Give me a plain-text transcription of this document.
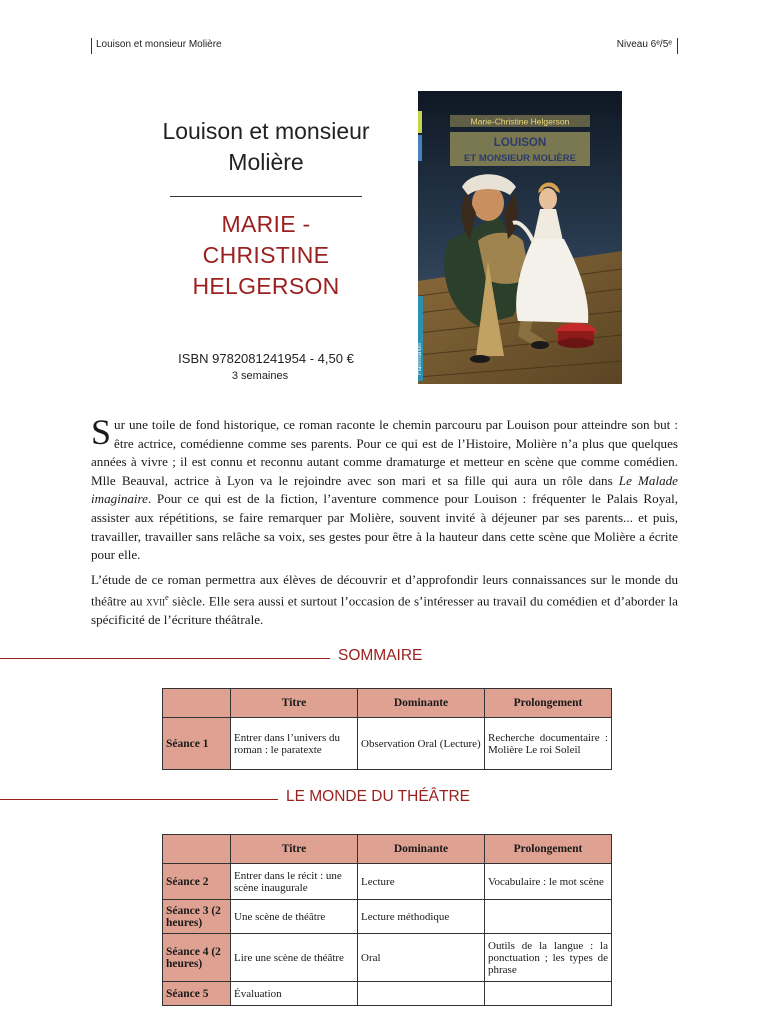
Louison et monsieur Molière	Niveau 6ᵉ/5ᵉ
Louison et monsieur Molière
MARIE - CHRISTINE HELGERSON
ISBN 9782081241954 - 4,50 €
3 semaines
Marie-Christine Helgerson
LOUISON
ET MONSIEUR MOLIÈRE
Flammarion

Sur une toile de fond historique, ce roman raconte le chemin parcouru par Louison pour atteindre son but : être actrice, comédienne comme ses parents. Pour ce qui est de l’Histoire, Molière n’a plus que quelques années à vivre ; il est connu et reconnu autant comme dramaturge et metteur en scène que comme comédien. Mlle Beauval, actrice à Lyon va le rejoindre avec son mari et sa fille qui aura un rôle dans Le Malade imaginaire. Pour ce qui est de la fiction, l’aventure commence pour Louison : fréquenter le Palais Royal, assister aux répétitions, se faire remarquer par Molière, souvent invité à déjeuner par ses parents... et puis, travailler, travailler sans relâche sa voix, ses gestes pour être à la hauteur dans cette scène que Molière a écrite pour elle.

L’étude de ce roman permettra aux élèves de découvrir et d’approfondir leurs connaissances sur le monde du théâtre au xvii$^e$ siècle. Elle sera aussi et surtout l’occasion de s’intéresser au travail du comédien et d’aborder la spécificité de l’écriture théâtrale.

SOMMAIRE
	Titre	Dominante	Prolongement
Séance 1	Entrer dans l’univers du roman : le paratexte	Observation Oral (Lecture)	Recherche documentaire : Molière Le roi Soleil
LE MONDE DU THÉÂTRE
	Titre	Dominante	Prolongement
Séance 2	Entrer dans le récit : une scène inaugurale	Lecture	Vocabulaire : le mot scène
Séance 3 (2 heures)	Une scène de théâtre	Lecture méthodique	
Séance 4 (2 heures)	Lire une scène de théâtre	Oral	Outils de la langue : la ponctuation ; les types de phrase
Séance 5	Évaluation		
